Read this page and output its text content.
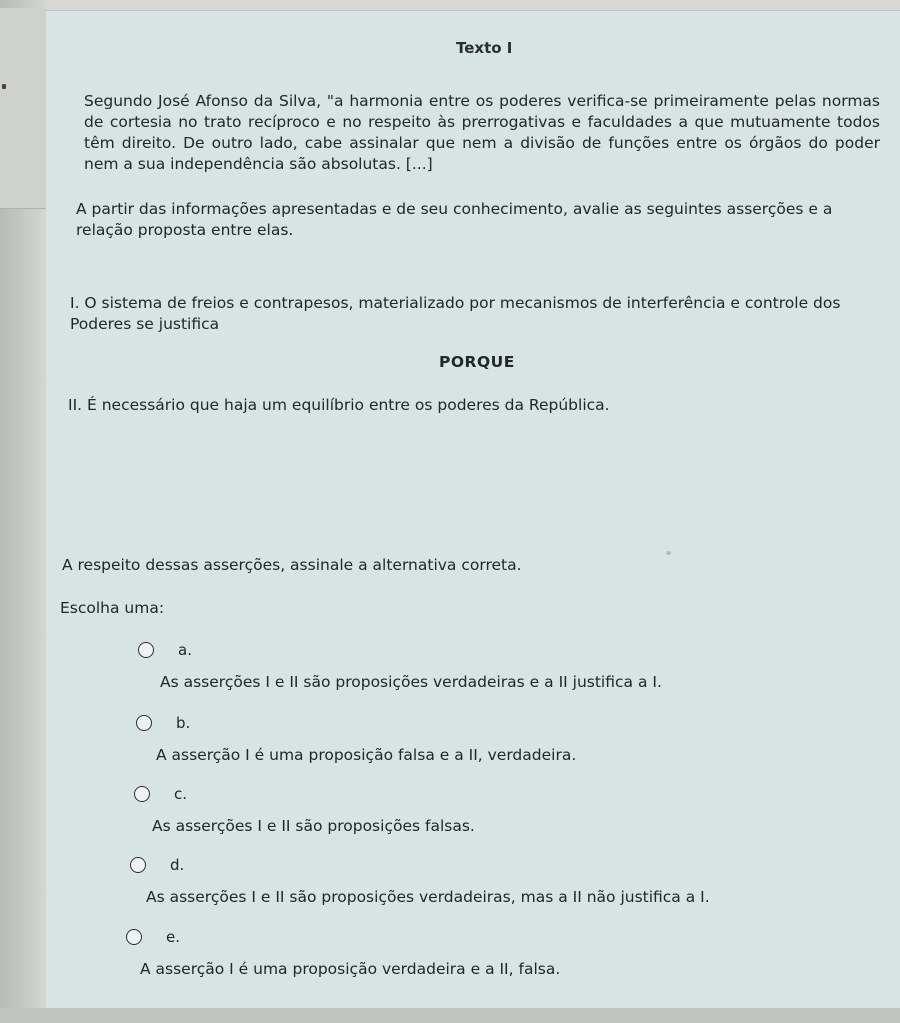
Texto I
Segundo José Afonso da Silva, "a harmonia entre os poderes verifica-se primeiramente pelas normas de cortesia no trato recíproco e no respeito às prerrogativas e faculdades a que mutuamente todos têm direito. De outro lado, cabe assinalar que nem a divisão de funções entre os órgãos do poder nem a sua independência são absolutas. [...]
A partir das informações apresentadas e de seu conhecimento, avalie as seguintes asserções e a relação proposta entre elas.
I. O sistema de freios e contrapesos, materializado por mecanismos de interferência e controle dos Poderes se justifica
PORQUE
II. É necessário que haja um equilíbrio entre os poderes da República.
A respeito dessas asserções, assinale a alternativa correta.
Escolha uma:
a.
As asserções I e II são proposições verdadeiras e a II justifica a I.
b.
A asserção I é uma proposição falsa e a II, verdadeira.
c.
As asserções I e II são proposições falsas.
d.
As asserções I e II são proposições verdadeiras, mas a II não justifica a I.
e.
A asserção I é uma proposição verdadeira e a II, falsa.
